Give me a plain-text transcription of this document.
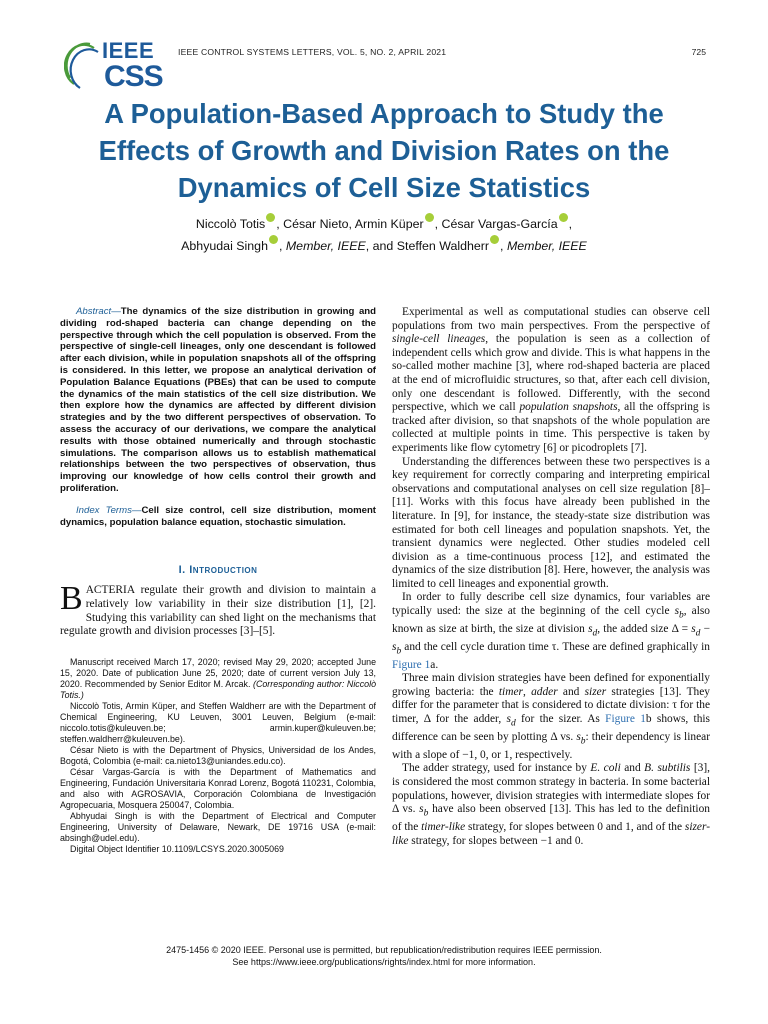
IEEE
CSS
IEEE CONTROL SYSTEMS LETTERS, VOL. 5, NO. 2, APRIL 2021	725
A Population-Based Approach to Study the
Effects of Growth and Division Rates on the
Dynamics of Cell Size Statistics
Niccolò Totis , César Nieto, Armin Küper , César Vargas-García ,
Abhyudai Singh , Member, IEEE, and Steffen Waldherr , Member, IEEE

Abstract—The dynamics of the size distribution in growing and dividing rod-shaped bacteria can change depending on the perspective through which the cell population is observed. From the perspective of single-cell lineages, only one descendant is followed after each division, while in population snapshots all of the offspring is considered. In this letter, we propose an analytical derivation of Population Balance Equations (PBEs) that can be used to compute the dynamics of the main statistics of the cell size distribution. We then explore how the dynamics are affected by different division strategies and by the two different perspectives of observation. To assess the accuracy of our derivations, we compare the analytical results with those obtained numerically and through stochastic simulations. The comparison allows us to establish mathematical relationships between the two perspectives of observation, thus improving our knowledge of how cells control their growth and proliferation.

Index Terms—Cell size control, cell size distribution, moment dynamics, population balance equation, stochastic simulation.

I. Introduction

BACTERIA regulate their growth and division to maintain a relatively low variability in their size distribution [1], [2]. Studying this variability can shed light on the mechanisms that regulate growth and division processes [3]–[5].

Manuscript received March 17, 2020; revised May 29, 2020; accepted June 15, 2020. Date of publication June 25, 2020; date of current version July 13, 2020. Recommended by Senior Editor M. Arcak. (Corresponding author: Niccolò Totis.)

Niccolò Totis, Armin Küper, and Steffen Waldherr are with the Department of Chemical Engineering, KU Leuven, 3001 Leuven, Belgium (e-mail: niccolo.totis@kuleuven.be; armin.kuper@kuleuven.be; steffen.waldherr@kuleuven.be).

César Nieto is with the Department of Physics, Universidad de los Andes, Bogotá, Colombia (e-mail: ca.nieto13@uniandes.edu.co).

César Vargas-García is with the Department of Mathematics and Engineering, Fundación Universitaria Konrad Lorenz, Bogotá 110231, Colombia, and also with AGROSAVIA, Corporación Colombiana de Investigación Agropecuaria, Mosquera 250047, Colombia.

Abhyudai Singh is with the Department of Electrical and Computer Engineering, University of Delaware, Newark, DE 19716 USA (e-mail: absingh@udel.edu).

Digital Object Identifier 10.1109/LCSYS.2020.3005069

Experimental as well as computational studies can observe cell populations from two main perspectives. From the perspective of single-cell lineages, the population is seen as a collection of independent cells which grow and divide. This is what happens in the so-called mother machine [3], where rod-shaped bacteria are placed at the end of microfluidic structures, so that, after each cell division, only one descendant is followed. Differently, with the second perspective, which we call population snapshots, all the offspring is tracked after division, so that snapshots of the whole population are collected at multiple points in time. This perspective is taken by experiments like flow cytometry [6] or picodroplets [7].

Understanding the differences between these two perspectives is a key requirement for correctly comparing and interpreting empirical observations and computational analyses on cell size regulation [8]–[11]. Works with this focus have already been published in the literature. In [9], for instance, the steady-state size distribution was estimated for both cell lineages and population snapshots. Yet, the transient dynamics were neglected. Other studies modeled cell division as a time-continuous process [12], and estimated the dynamics of the size distribution [8]. Here, however, the analysis was limited to cell lineages and exponential growth.

In order to fully describe cell size dynamics, four variables are typically used: the size at the beginning of the cell cycle $s_b$, also known as size at birth, the size at division $s_d$, the added size $\Delta = s_d - s_b$ and the cell cycle duration time τ. These are defined graphically in Figure 1a.

Three main division strategies have been defined for exponentially growing bacteria: the timer, adder and sizer strategies [13]. They differ for the parameter that is considered to dictate division: τ for the timer, Δ for the adder, $s_d$ for the sizer. As Figure 1b shows, this difference can be seen by plotting Δ vs. $s_b$: their dependency is linear with a slope of −1, 0, or 1, respectively.

The adder strategy, used for instance by E. coli and B. subtilis [3], is considered the most common strategy in bacteria. In some bacterial populations, however, division strategies with intermediate slopes for Δ vs. $s_b$ have also been observed [13]. This has led to the definition of the timer-like strategy, for slopes between 0 and 1, and of the sizer-like strategy, for slopes between −1 and 0.

2475-1456 © 2020 IEEE. Personal use is permitted, but republication/redistribution requires IEEE permission.
See https://www.ieee.org/publications/rights/index.html for more information.
